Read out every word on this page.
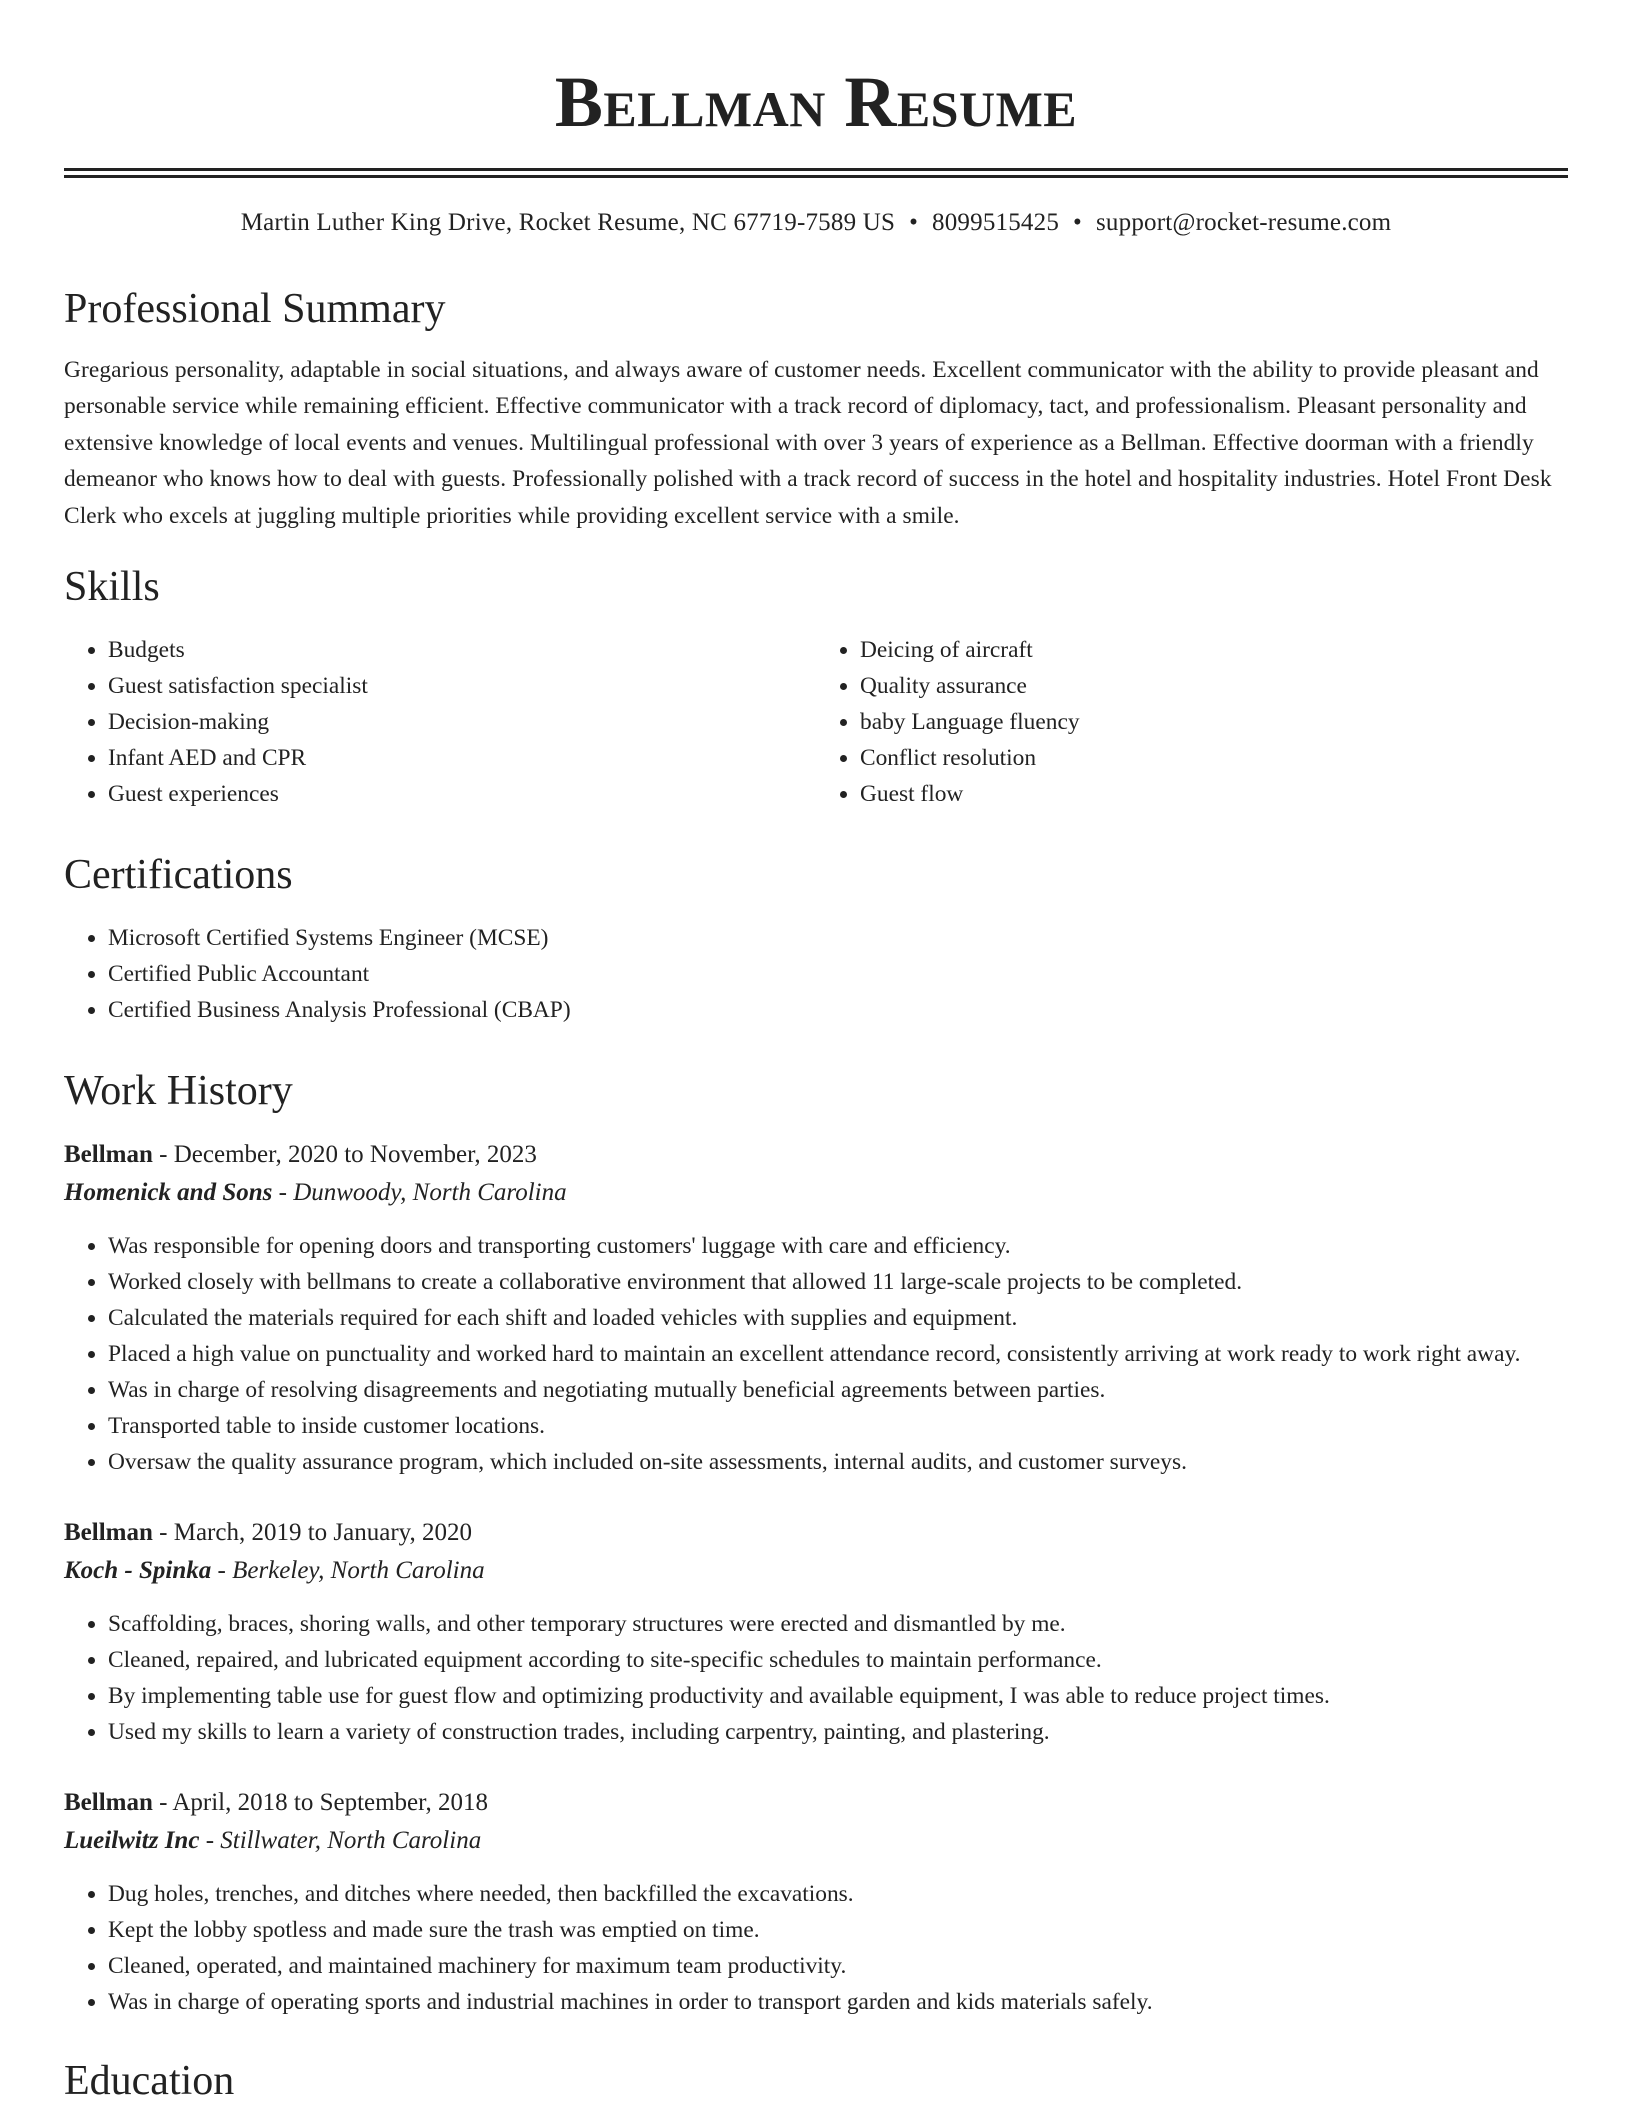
Bellman Resume
Martin Luther King Drive, Rocket Resume, NC 67719-7589 US • 8099515425 • support@rocket-resume.com
Professional Summary
Gregarious personality, adaptable in social situations, and always aware of customer needs. Excellent communicator with the ability to provide pleasant and personable service while remaining efficient. Effective communicator with a track record of diplomacy, tact, and professionalism. Pleasant personality and extensive knowledge of local events and venues. Multilingual professional with over 3 years of experience as a Bellman. Effective doorman with a friendly demeanor who knows how to deal with guests. Professionally polished with a track record of success in the hotel and hospitality industries. Hotel Front Desk Clerk who excels at juggling multiple priorities while providing excellent service with a smile.
Skills
• Budgets
• Guest satisfaction specialist
• Decision-making
• Infant AED and CPR
• Guest experiences
• Deicing of aircraft
• Quality assurance
• baby Language fluency
• Conflict resolution
• Guest flow
Certifications
• Microsoft Certified Systems Engineer (MCSE)
• Certified Public Accountant
• Certified Business Analysis Professional (CBAP)
Work History
Bellman - December, 2020 to November, 2023
Homenick and Sons - Dunwoody, North Carolina
• Was responsible for opening doors and transporting customers' luggage with care and efficiency.
• Worked closely with bellmans to create a collaborative environment that allowed 11 large-scale projects to be completed.
• Calculated the materials required for each shift and loaded vehicles with supplies and equipment.
• Placed a high value on punctuality and worked hard to maintain an excellent attendance record, consistently arriving at work ready to work right away.
• Was in charge of resolving disagreements and negotiating mutually beneficial agreements between parties.
• Transported table to inside customer locations.
• Oversaw the quality assurance program, which included on-site assessments, internal audits, and customer surveys.
Bellman - March, 2019 to January, 2020
Koch - Spinka - Berkeley, North Carolina
• Scaffolding, braces, shoring walls, and other temporary structures were erected and dismantled by me.
• Cleaned, repaired, and lubricated equipment according to site-specific schedules to maintain performance.
• By implementing table use for guest flow and optimizing productivity and available equipment, I was able to reduce project times.
• Used my skills to learn a variety of construction trades, including carpentry, painting, and plastering.
Bellman - April, 2018 to September, 2018
Lueilwitz Inc - Stillwater, North Carolina
• Dug holes, trenches, and ditches where needed, then backfilled the excavations.
• Kept the lobby spotless and made sure the trash was emptied on time.
• Cleaned, operated, and maintained machinery for maximum team productivity.
• Was in charge of operating sports and industrial machines in order to transport garden and kids materials safely.
Education
